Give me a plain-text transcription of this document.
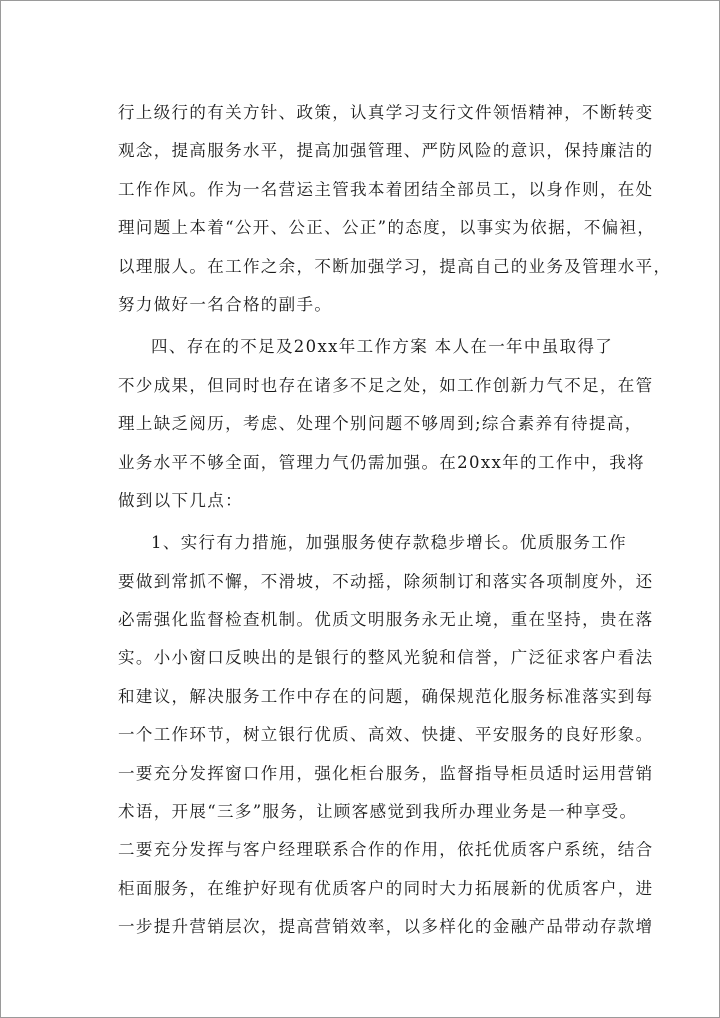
行上级行的有关方针、政策，认真学习支行文件领悟精神，不断转变
观念，提高服务水平，提高加强管理、严防风险的意识，保持廉洁的
工作作风。作为一名营运主管我本着团结全部员工，以身作则，在处
理问题上本着“公开、公正、公正”的态度，以事实为依据，不偏袒，
以理服人。在工作之余，不断加强学习，提高自己的业务及管理水平，
努力做好一名合格的副手。
四、存在的不足及20xx年工作方案 本人在一年中虽取得了
不少成果，但同时也存在诸多不足之处，如工作创新力气不足，在管
理上缺乏阅历，考虑、处理个别问题不够周到;综合素养有待提高，
业务水平不够全面，管理力气仍需加强。在20xx年的工作中，我将
做到以下几点：
1、实行有力措施，加强服务使存款稳步增长。优质服务工作
要做到常抓不懈，不滑坡，不动摇，除须制订和落实各项制度外，还
必需强化监督检查机制。优质文明服务永无止境，重在坚持，贵在落
实。小小窗口反映出的是银行的整风光貌和信誉，广泛征求客户看法
和建议，解决服务工作中存在的问题，确保规范化服务标准落实到每
一个工作环节，树立银行优质、高效、快捷、平安服务的良好形象。
一要充分发挥窗口作用，强化柜台服务，监督指导柜员适时运用营销
术语，开展“三多”服务，让顾客感觉到我所办理业务是一种享受。
二要充分发挥与客户经理联系合作的作用，依托优质客户系统，结合
柜面服务，在维护好现有优质客户的同时大力拓展新的优质客户，进
一步提升营销层次，提高营销效率，以多样化的金融产品带动存款增
